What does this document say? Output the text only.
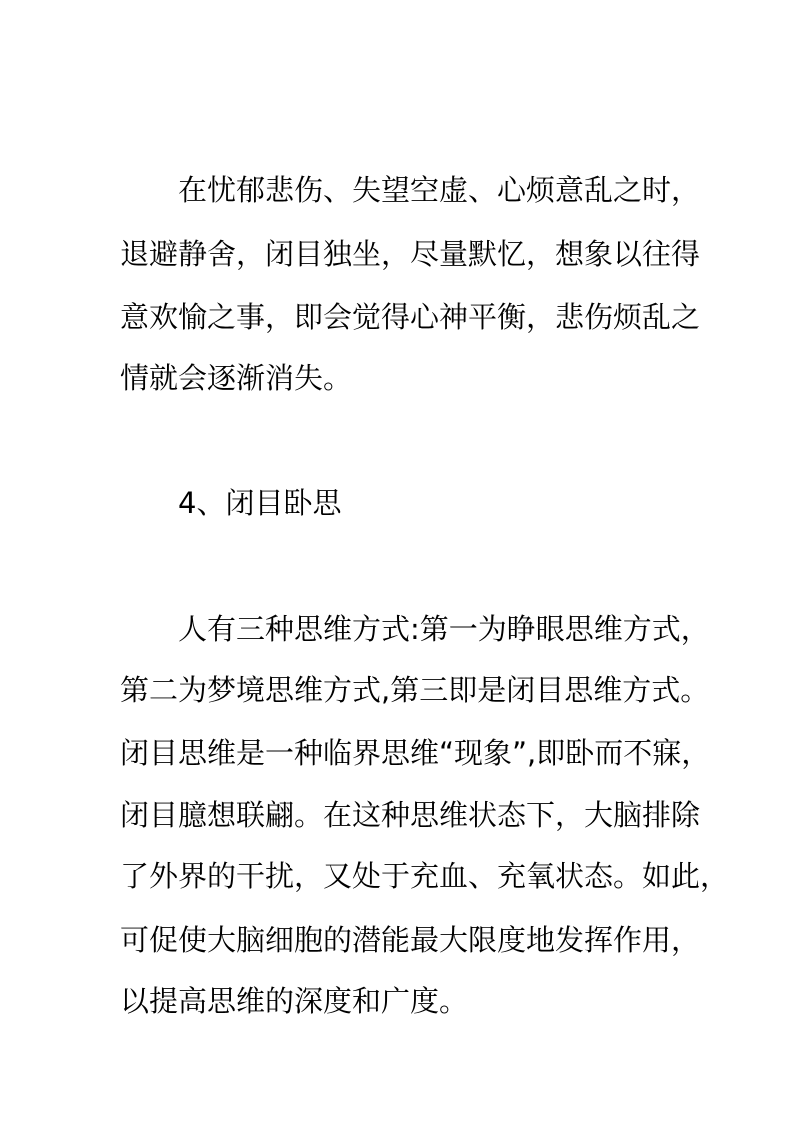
在忧郁悲伤、失望空虚、心烦意乱之时，
退避静舍，闭目独坐，尽量默忆，想象以往得
意欢愉之事，即会觉得心神平衡，悲伤烦乱之
情就会逐渐消失。
4、闭目卧思
人有三种思维方式:第一为睁眼思维方式，
第二为梦境思维方式,第三即是闭目思维方式。
闭目思维是一种临界思维“现象”,即卧而不寐，
闭目臆想联翩。在这种思维状态下，大脑排除
了外界的干扰，又处于充血、充氧状态。如此，
可促使大脑细胞的潜能最大限度地发挥作用，
以提高思维的深度和广度。
